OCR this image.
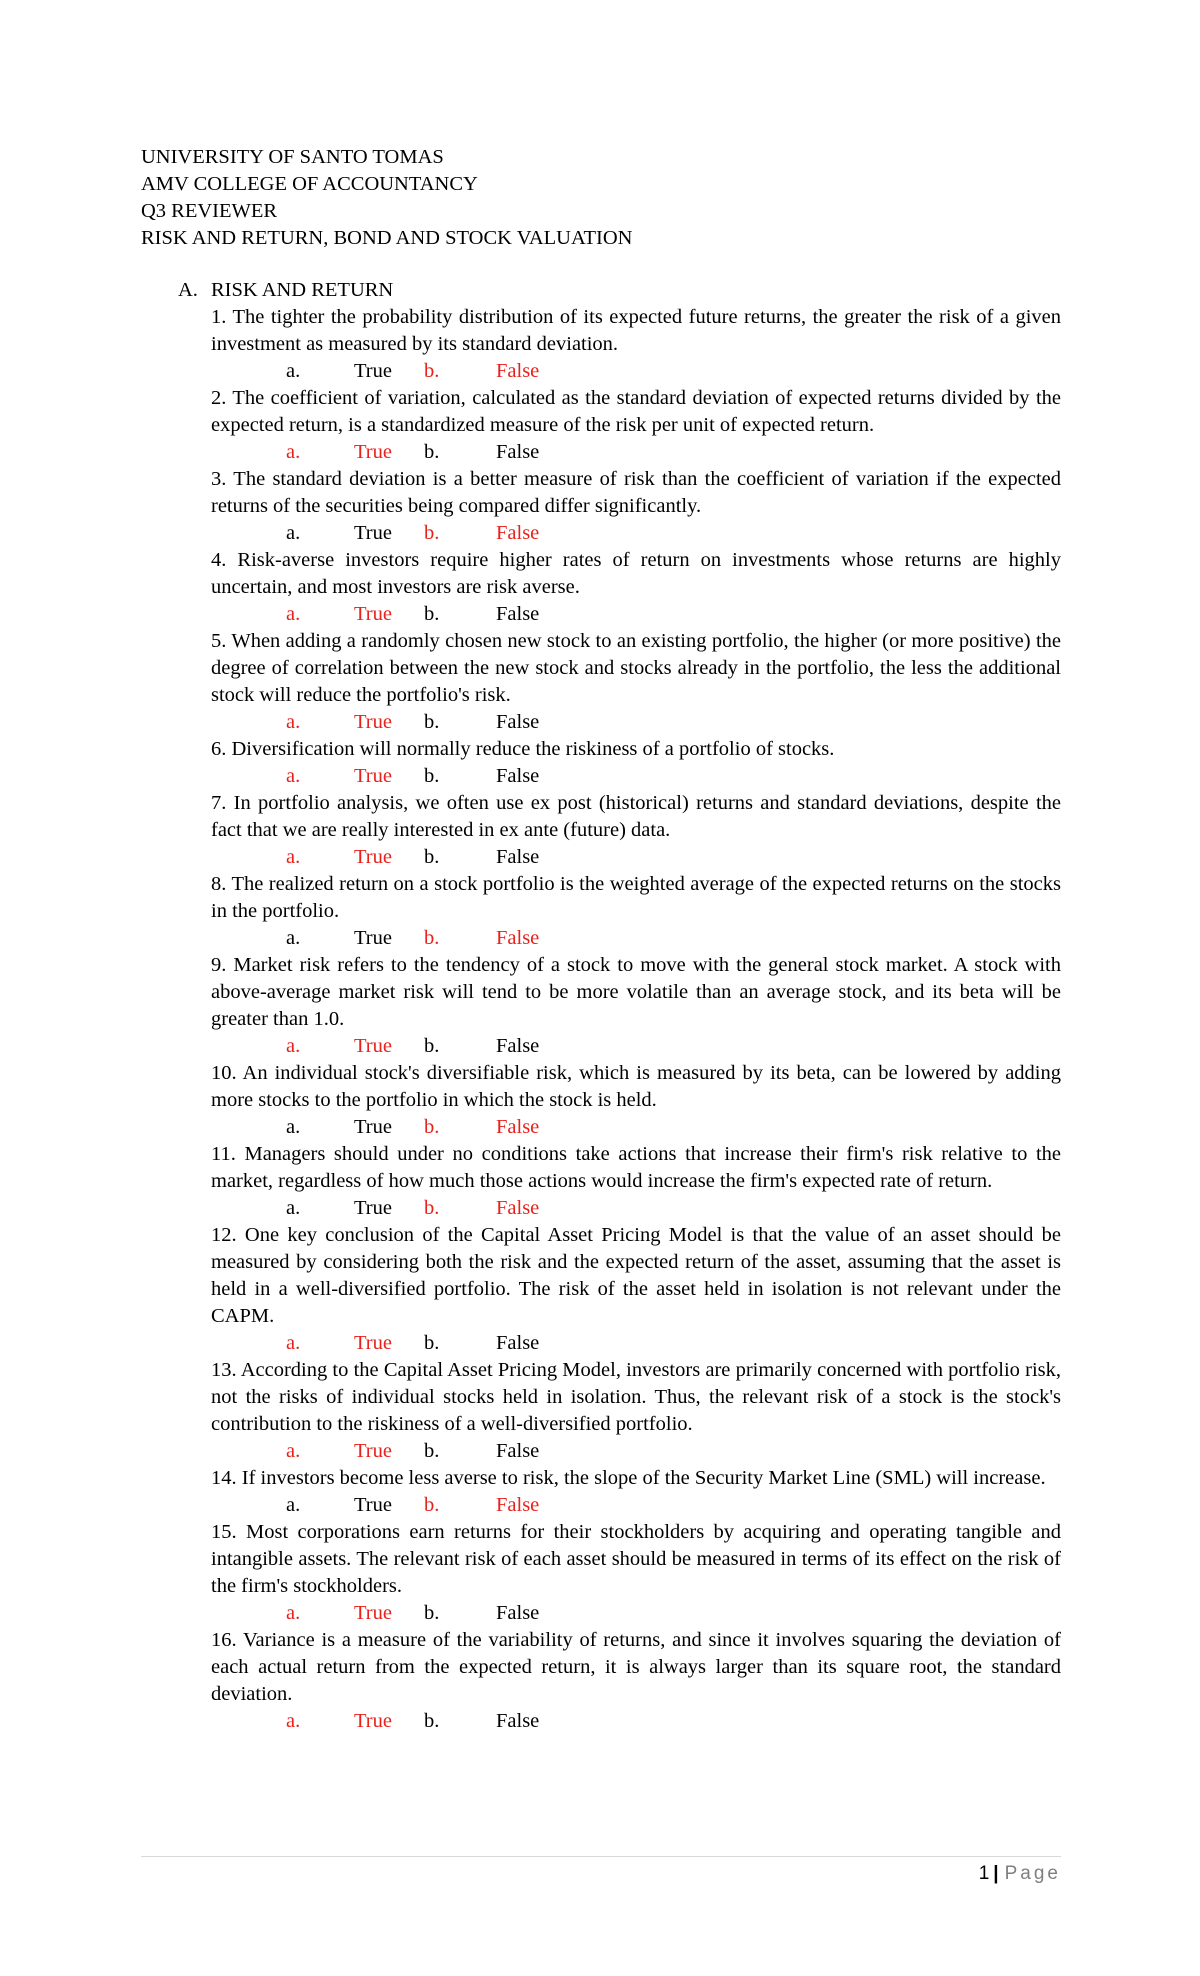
UNIVERSITY OF SANTO TOMAS
AMV COLLEGE OF ACCOUNTANCY
Q3 REVIEWER
RISK AND RETURN, BOND AND STOCK VALUATION
A. RISK AND RETURN
1. The tighter the probability distribution of its expected future returns, the greater the risk of a given investment as measured by its standard deviation.
a.	True b.	False
2. The coefficient of variation, calculated as the standard deviation of expected returns divided by the expected return, is a standardized measure of the risk per unit of expected return.
a.	True b.	False
3. The standard deviation is a better measure of risk than the coefficient of variation if the expected returns of the securities being compared differ significantly.
a.	True b.	False
4. Risk-averse investors require higher rates of return on investments whose returns are highly uncertain, and most investors are risk averse.
a.	True b.	False
5. When adding a randomly chosen new stock to an existing portfolio, the higher (or more positive) the degree of correlation between the new stock and stocks already in the portfolio, the less the additional stock will reduce the portfolio's risk.
a.	True b.	False
6. Diversification will normally reduce the riskiness of a portfolio of stocks.
a.	True b.	False
7. In portfolio analysis, we often use ex post (historical) returns and standard deviations, despite the fact that we are really interested in ex ante (future) data.
a.	True b.	False
8. The realized return on a stock portfolio is the weighted average of the expected returns on the stocks in the portfolio.
a.	True b.	False
9. Market risk refers to the tendency of a stock to move with the general stock market. A stock with above-average market risk will tend to be more volatile than an average stock, and its beta will be greater than 1.0.
a.	True b.	False
10. An individual stock's diversifiable risk, which is measured by its beta, can be lowered by adding more stocks to the portfolio in which the stock is held.
a.	True b.	False
11. Managers should under no conditions take actions that increase their firm's risk relative to the market, regardless of how much those actions would increase the firm's expected rate of return.
a.	True b.	False
12. One key conclusion of the Capital Asset Pricing Model is that the value of an asset should be measured by considering both the risk and the expected return of the asset, assuming that the asset is held in a well-diversified portfolio. The risk of the asset held in isolation is not relevant under the CAPM.
a.	True b.	False
13. According to the Capital Asset Pricing Model, investors are primarily concerned with portfolio risk, not the risks of individual stocks held in isolation. Thus, the relevant risk of a stock is the stock's contribution to the riskiness of a well-diversified portfolio.
a.	True b.	False
14. If investors become less averse to risk, the slope of the Security Market Line (SML) will increase.
a.	True b.	False
15. Most corporations earn returns for their stockholders by acquiring and operating tangible and intangible assets. The relevant risk of each asset should be measured in terms of its effect on the risk of the firm's stockholders.
a.	True b.	False
16. Variance is a measure of the variability of returns, and since it involves squaring the deviation of each actual return from the expected return, it is always larger than its square root, the standard deviation.
a.	True b.	False
1 | Page
